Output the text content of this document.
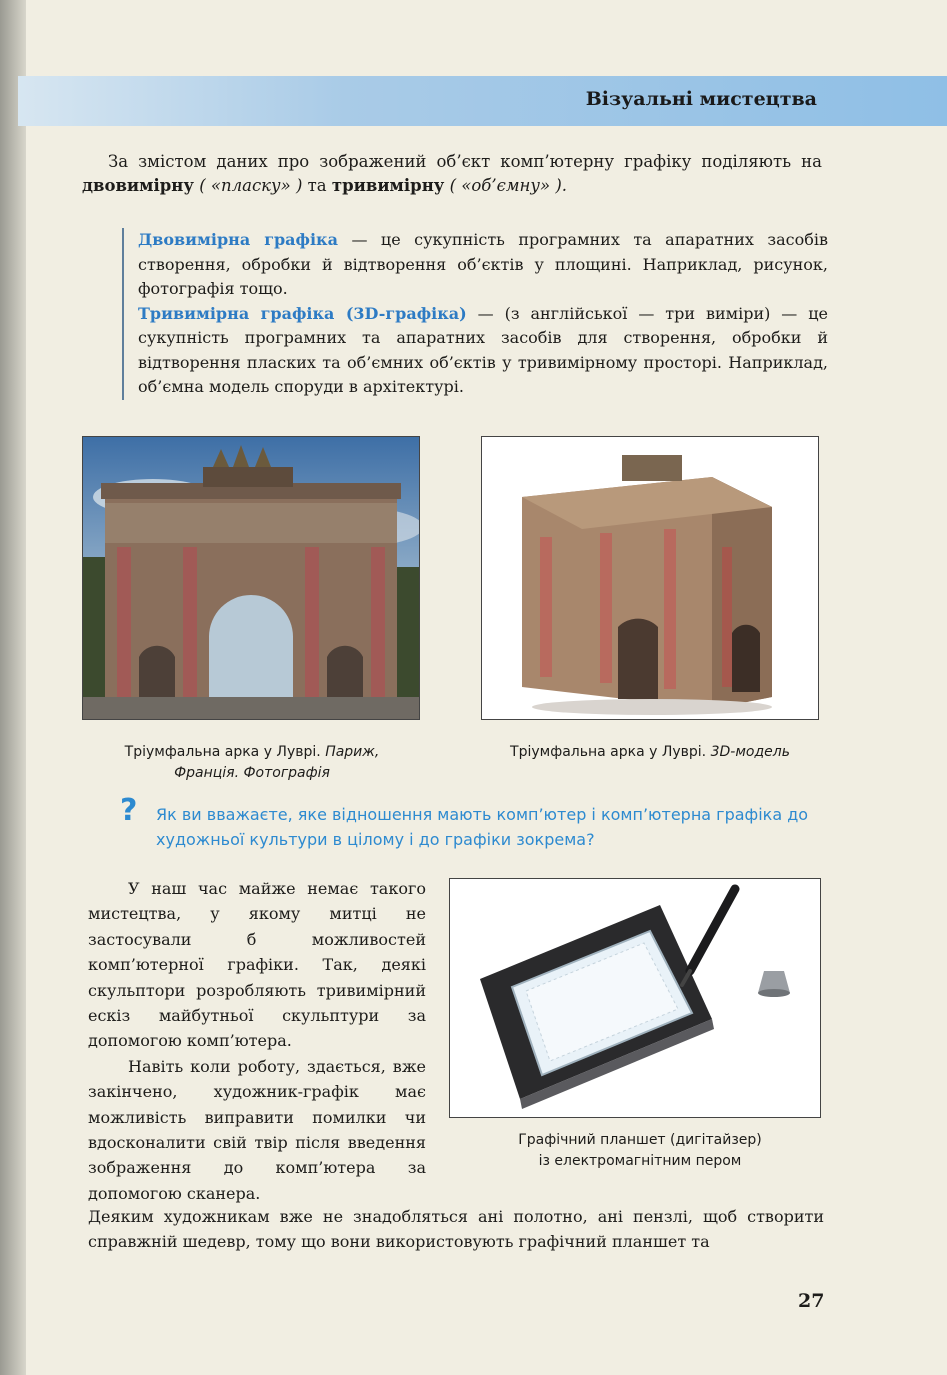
Візуальні мистецтва
За змістом даних про зображений об’єкт комп’ютерну графіку поділяють на двовимірну ( «пласку» ) та тривимірну ( «об’ємну» ).
Двовимірна графіка — це сукупність програмних та апаратних засобів створення, обробки й відтворення об’єктів у площині. Наприклад, рисунок, фотографія тощо.
Тривимірна графіка (3D-графіка) — (з англійської — три виміри) — це сукупність програмних та апаратних засобів для створення, обробки й відтворення пласких та об’ємних об’єктів у тривимірному просторі. Наприклад, об’ємна модель споруди в архітектурі.
Тріумфальна арка у Луврі. Париж, Франція. Фотографія
Тріумфальна арка у Луврі. 3D-модель
? Як ви вважаєте, яке відношення мають комп’ютер і комп’ютерна графіка до художньої культури в цілому і до графіки зокрема?

У наш час майже немає такого мистецтва, у якому митці не застосували б можливостей комп’ютерної графіки. Так, деякі скульптори розробляють тривимірний ескіз майбутньої скульптури за допомогою комп’ютера.

Навіть коли роботу, здається, вже закінчено, художник-графік має можливість виправити помилки чи вдосконалити свій твір після введення зображення до комп’ютера за допомогою сканера.

Графічний планшет (дигітайзер)
із електромагнітним пером
Деяким художникам вже не знадобляться ані полотно, ані пензлі, щоб створити справжній шедевр, тому що вони використовують графічний планшет та
27
